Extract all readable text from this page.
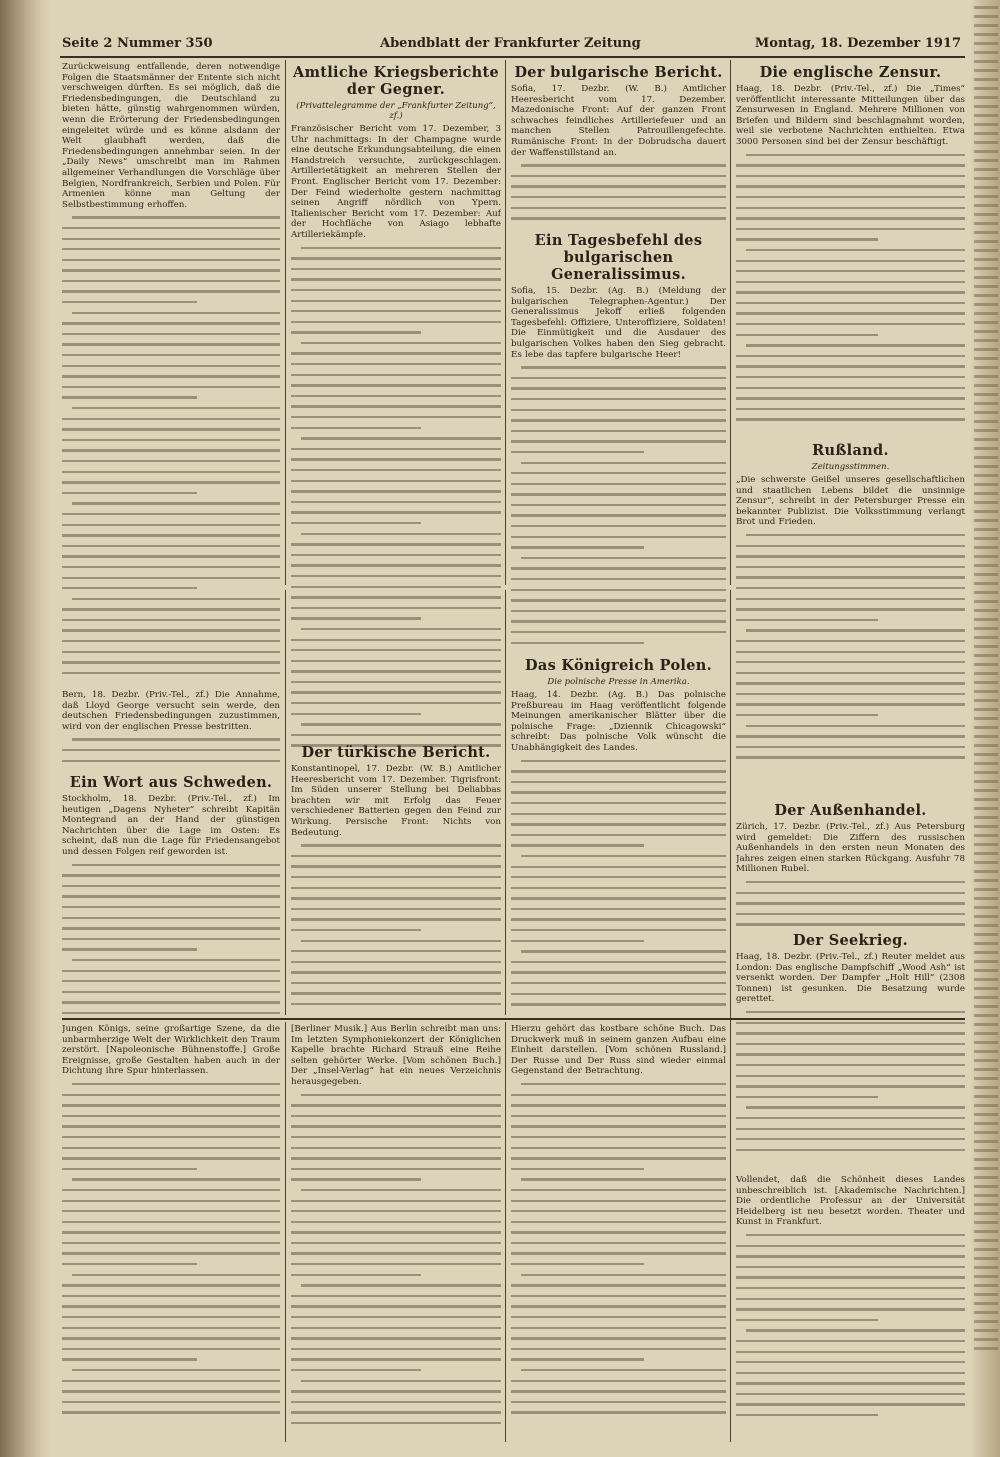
Seite 2 Nummer 350	Abendblatt der Frankfurter Zeitung	Montag, 18. Dezember 1917

Zurückweisung entfallende, deren notwendige Folgen die Staatsmänner der Entente sich nicht verschweigen dürften. Es sei möglich, daß die Friedensbedingungen, die Deutschland zu bieten hätte, günstig wahrgenommen würden, wenn die Erörterung der Friedensbedingungen eingeleitet würde und es könne alsdann der Welt glaubhaft werden, daß die Friedensbedingungen annehmbar seien. In der „Daily News“ umschreibt man im Rahmen allgemeiner Verhandlungen die Vorschläge über Belgien, Nordfrankreich, Serbien und Polen. Für Armenien könne man Geltung der Selbstbestimmung erhoffen.

Bern, 18. Dezbr. (Priv.-Tel., zf.) Die Annahme, daß Lloyd George versucht sein werde, den deutschen Friedensbedingungen zuzustimmen, wird von der englischen Presse bestritten.

Ein Wort aus Schweden.

Stockholm, 18. Dezbr. (Priv.-Tel., zf.) Im heutigen „Dagens Nyheter“ schreibt Kapitän Montegrand an der Hand der günstigen Nachrichten über die Lage im Osten: Es scheint, daß nun die Lage für Friedensangebot und dessen Folgen reif geworden ist.

Amtliche Kriegsberichte der Gegner.
(Privattelegramme der „Frankfurter Zeitung“, zf.)

Französischer Bericht vom 17. Dezember, 3 Uhr nachmittags: In der Champagne wurde eine deutsche Erkundungsabteilung, die einen Handstreich versuchte, zurückgeschlagen. Artillerietätigkeit an mehreren Stellen der Front. Englischer Bericht vom 17. Dezember: Der Feind wiederholte gestern nachmittag seinen Angriff nördlich von Ypern. Italienischer Bericht vom 17. Dezember: Auf der Hochfläche von Asiago lebhafte Artilleriekämpfe.

Der türkische Bericht.

Konstantinopel, 17. Dezbr. (W. B.) Amtlicher Heeresbericht vom 17. Dezember. Tigrisfront: Im Süden unserer Stellung bei Deliabbas brachten wir mit Erfolg das Feuer verschiedener Batterien gegen den Feind zur Wirkung. Persische Front: Nichts von Bedeutung.

Der bulgarische Bericht.

Sofia, 17. Dezbr. (W. B.) Amtlicher Heeresbericht vom 17. Dezember. Mazedonische Front: Auf der ganzen Front schwaches feindliches Artilleriefeuer und an manchen Stellen Patrouillengefechte. Rumänische Front: In der Dobrudscha dauert der Waffenstillstand an.

Ein Tagesbefehl des bulgarischen Generalissimus.

Sofia, 15. Dezbr. (Ag. B.) (Meldung der bulgarischen Telegraphen-Agentur.) Der Generalissimus Jekoff erließ folgenden Tagesbefehl: Offiziere, Unteroffiziere, Soldaten! Die Einmütigkeit und die Ausdauer des bulgarischen Volkes haben den Sieg gebracht. Es lebe das tapfere bulgarische Heer!

Das Königreich Polen.
Die polnische Presse in Amerika.

Haag, 14. Dezbr. (Ag. B.) Das polnische Preßbureau im Haag veröffentlicht folgende Meinungen amerikanischer Blätter über die polnische Frage: „Dziennik Chicagowski“ schreibt: Das polnische Volk wünscht die Unabhängigkeit des Landes.

Die englische Zensur.

Haag, 18. Dezbr. (Priv.-Tel., zf.) Die „Times“ veröffentlicht interessante Mitteilungen über das Zensurwesen in England. Mehrere Millionen von Briefen und Bildern sind beschlagnahmt worden, weil sie verbotene Nachrichten enthielten. Etwa 3000 Personen sind bei der Zensur beschäftigt.

Rußland.
Zeitungsstimmen.

„Die schwerste Geißel unseres gesellschaftlichen und staatlichen Lebens bildet die unsinnige Zensur“, schreibt in der Petersburger Presse ein bekannter Publizist. Die Volksstimmung verlangt Brot und Frieden.

Der Außenhandel.

Zürich, 17. Dezbr. (Priv.-Tel., zf.) Aus Petersburg wird gemeldet: Die Ziffern des russischen Außenhandels in den ersten neun Monaten des Jahres zeigen einen starken Rückgang. Ausfuhr 78 Millionen Rubel.

Der Seekrieg.

Haag, 18. Dezbr. (Priv.-Tel., zf.) Reuter meldet aus London: Das englische Dampfschiff „Wood Ash“ ist versenkt worden. Der Dampfer „Holt Hill“ (2308 Tonnen) ist gesunken. Die Besatzung wurde gerettet.

Jungen Königs, seine großartige Szene, da die unbarmherzige Welt der Wirklichkeit den Traum zerstört. [Napoleonische Bühnenstoffe.] Große Ereignisse, große Gestalten haben auch in der Dichtung ihre Spur hinterlassen.

[Berliner Musik.] Aus Berlin schreibt man uns: Im letzten Symphoniekonzert der Königlichen Kapelle brachte Richard Strauß eine Reihe selten gehörter Werke. [Vom schönen Buch.] Der „Insel-Verlag“ hat ein neues Verzeichnis herausgegeben.

Hierzu gehört das kostbare schöne Buch. Das Druckwerk muß in seinem ganzen Aufbau eine Einheit darstellen. [Vom schönen Russland.] Der Russe und Der Russ sind wieder einmal Gegenstand der Betrachtung.

Vollendet, daß die Schönheit dieses Landes unbeschreiblich ist. [Akademische Nachrichten.] Die ordentliche Professur an der Universität Heidelberg ist neu besetzt worden. Theater und Kunst in Frankfurt.
